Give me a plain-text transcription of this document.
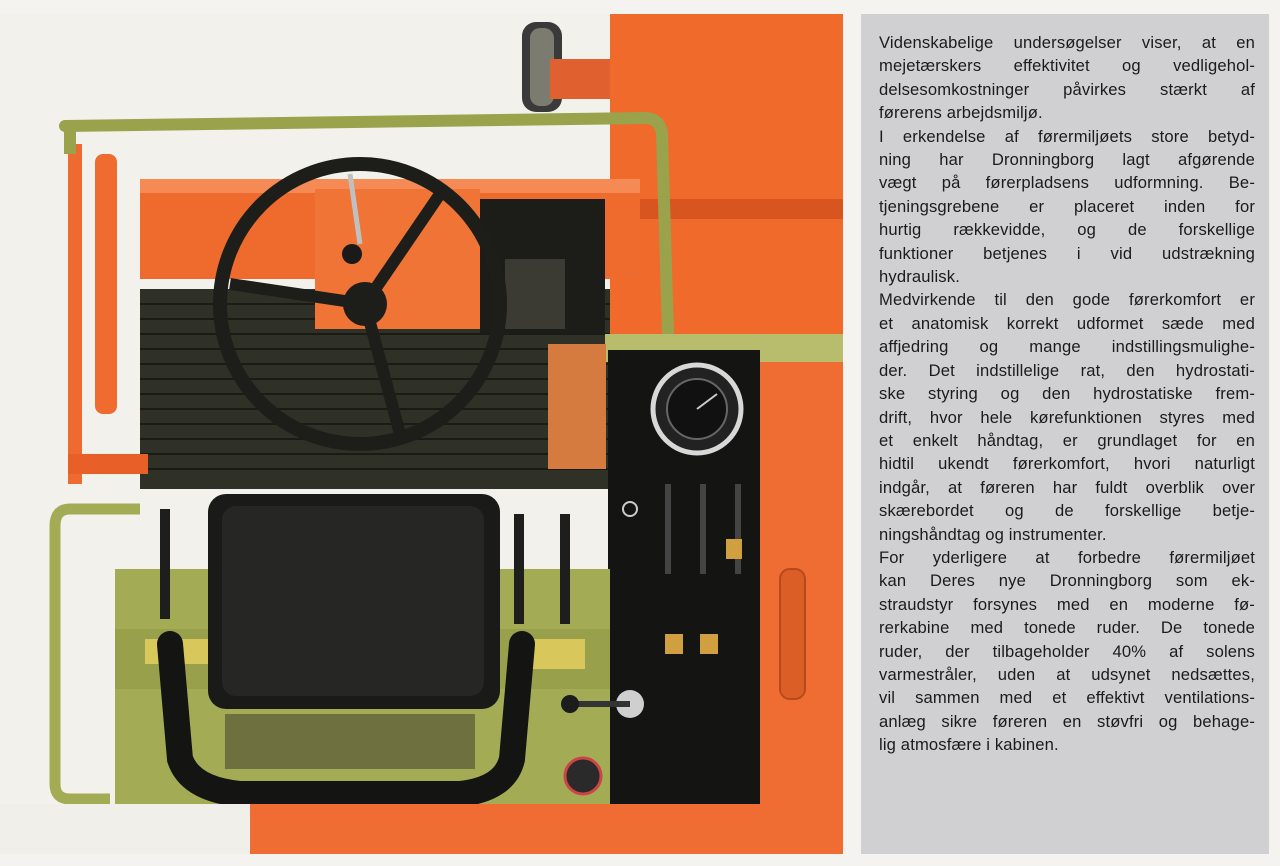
Videnskabelige undersøgelser viser, at en
mejetærskers effektivitet og vedligehol-
delsesomkostninger påvirkes stærkt af
førerens arbejdsmiljø.

I erkendelse af førermiljøets store betyd-
ning har Dronningborg lagt afgørende
vægt på førerpladsens udformning. Be-
tjeningsgrebene er placeret inden for
hurtig rækkevidde, og de forskellige
funktioner betjenes i vid udstrækning
hydraulisk.

Medvirkende til den gode førerkomfort er
et anatomisk korrekt udformet sæde med
affjedring og mange indstillingsmulighe-
der. Det indstillelige rat, den hydrostati-
ske styring og den hydrostatiske frem-
drift, hvor hele kørefunktionen styres med
et enkelt håndtag, er grundlaget for en
hidtil ukendt førerkomfort, hvori naturligt
indgår, at føreren har fuldt overblik over
skærebordet og de forskellige betje-
ningshåndtag og instrumenter.

For yderligere at forbedre førermiljøet
kan Deres nye Dronningborg som ek-
straudstyr forsynes med en moderne fø-
rerkabine med tonede ruder. De tonede
ruder, der tilbageholder 40% af solens
varmestråler, uden at udsynet nedsættes,
vil sammen med et effektivt ventilations-
anlæg sikre føreren en støvfri og behage-
lig atmosfære i kabinen.
